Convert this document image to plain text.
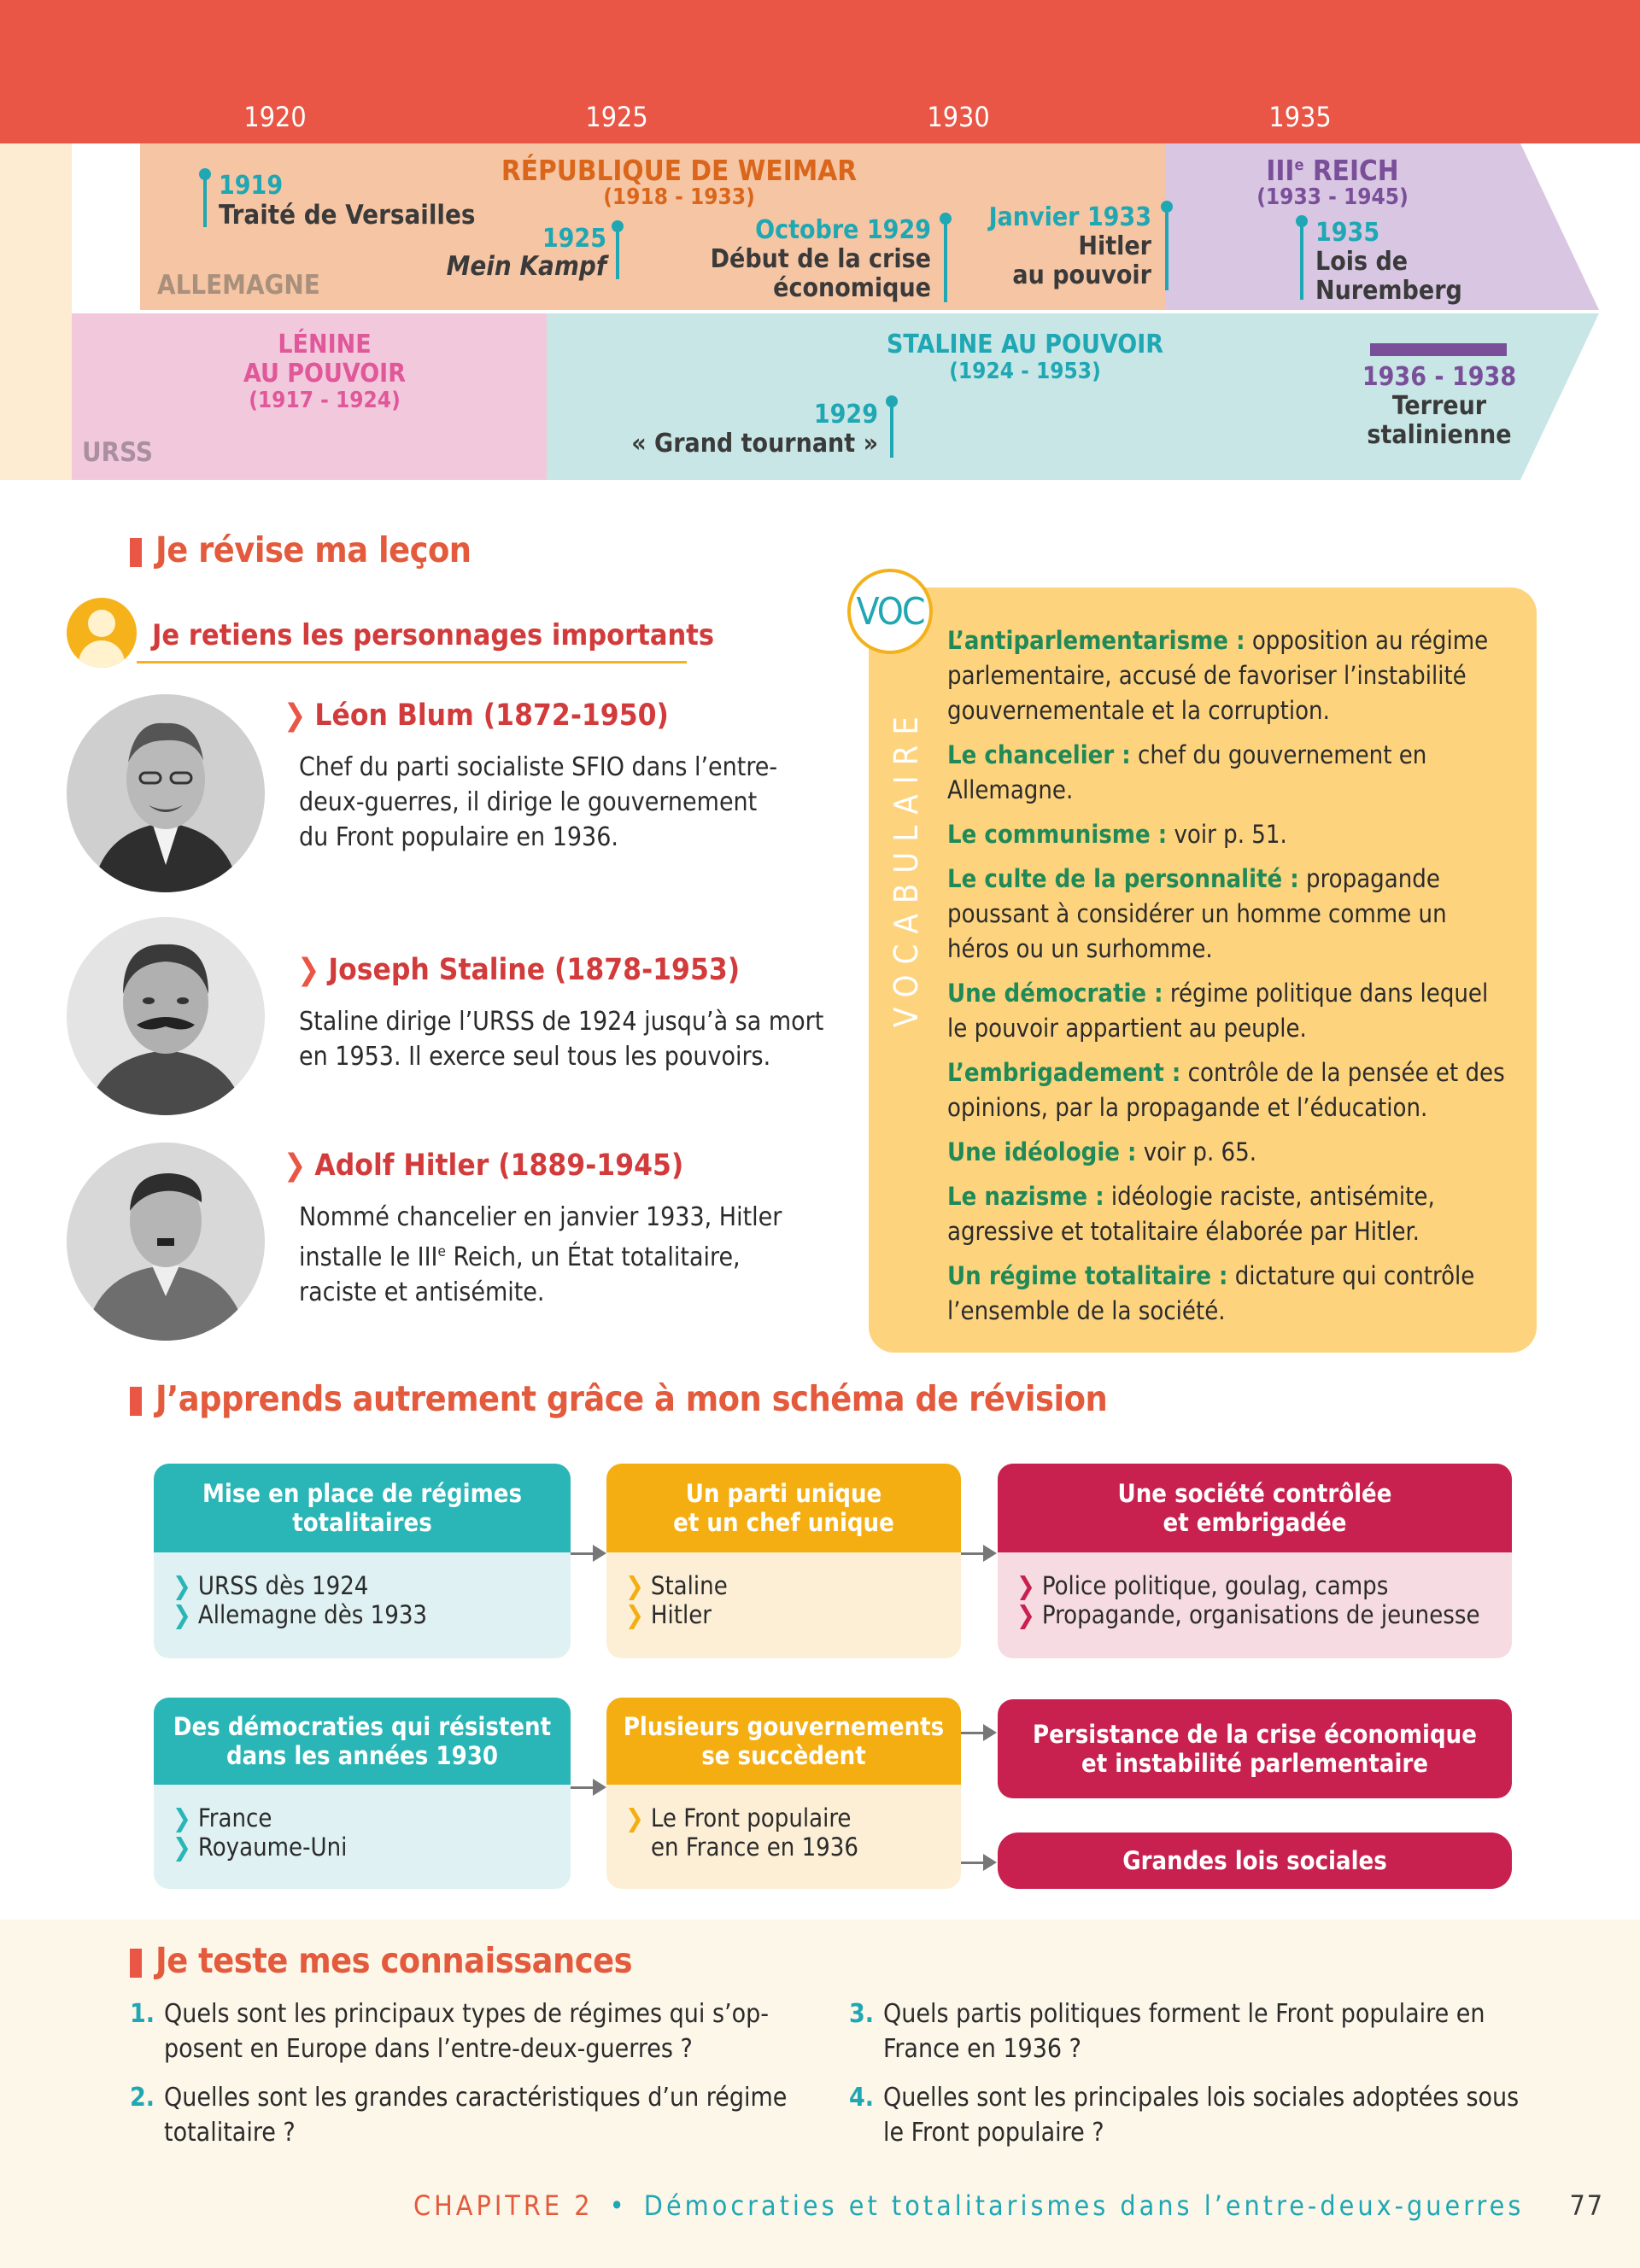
1920	1925	1930	1935
ALLEMAGNE
RÉPUBLIQUE DE WEIMAR
(1918 - 1933)
IIIe REICH
(1933 - 1945)
1919
Traité de Versailles
1925
Mein Kampf
Octobre 1929
Début de la crise
économique
Janvier 1933
Hitler
au pouvoir
1935
Lois de
Nuremberg
URSS
LÉNINE
AU POUVOIR
(1917 - 1924)
STALINE AU POUVOIR
(1924 - 1953)
1929
« Grand tournant »
1936 - 1938
Terreur
stalinienne
Je révise ma leçon
Je retiens les personnages importants
❯ Léon Blum (1872-1950)
Chef du parti socialiste SFIO dans l’entre-
deux-guerres, il dirige le gouvernement
du Front populaire en 1936.
❯ Joseph Staline (1878-1953)
Staline dirige l’URSS de 1924 jusqu’à sa mort
en 1953. Il exerce seul tous les pouvoirs.
❯ Adolf Hitler (1889-1945)
Nommé chancelier en janvier 1933, Hitler
installe le IIIe Reich, un État totalitaire,
raciste et antisémite.
VOC
VOCABULAIRE
L’antiparlementarisme : opposition au régime parlementaire, accusé de favoriser l’instabilité gouvernementale et la corruption.
Le chancelier : chef du gouvernement en Allemagne.
Le communisme : voir p. 51.
Le culte de la personnalité : propagande poussant à considérer un homme comme un héros ou un surhomme.
Une démocratie : régime politique dans lequel le pouvoir appartient au peuple.
L’embrigadement : contrôle de la pensée et des opinions, par la propagande et l’éducation.
Une idéologie : voir p. 65.
Le nazisme : idéologie raciste, antisémite, agressive et totalitaire élaborée par Hitler.
Un régime totalitaire : dictature qui contrôle l’ensemble de la société.
J’apprends autrement grâce à mon schéma de révision
Mise en place de régimes
totalitaires
❯ URSS dès 1924
❯ Allemagne dès 1933
Un parti unique
et un chef unique
❯ Staline
❯ Hitler
Une société contrôlée
et embrigadée
❯ Police politique, goulag, camps
❯ Propagande, organisations de jeunesse
Des démocraties qui résistent
dans les années 1930
❯ France
❯ Royaume-Uni
Plusieurs gouvernements
se succèdent
❯ Le Front populaire
en France en 1936
Persistance de la crise économique
et instabilité parlementaire
Grandes lois sociales
Je teste mes connaissances
1. Quels sont les principaux types de régimes qui s’op-
posent en Europe dans l’entre-deux-guerres ?
2. Quelles sont les grandes caractéristiques d’un régime
totalitaire ?
3. Quels partis politiques forment le Front populaire en
France en 1936 ?
4. Quelles sont les principales lois sociales adoptées sous
le Front populaire ?
CHAPITRE 2 • Démocraties et totalitarismes dans l’entre-deux-guerres 77
